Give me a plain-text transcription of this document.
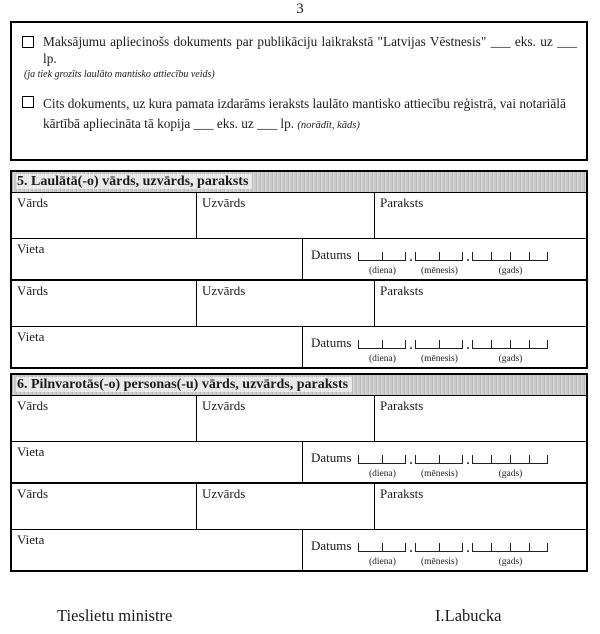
3
Maksājumu apliecinošs dokuments par publikāciju laikrakstā "Latvijas Vēstnesis" ___ eks. uz ___ lp.
(ja tiek grozīts laulāto mantisko attiecību veids)
Cits dokuments, uz kura pamata izdarāms ieraksts laulāto mantisko attiecību reģistrā, vai notariālā kārtībā apliecināta tā kopija ___ eks. uz ___ lp. (norādīt, kāds)
5. Laulātā(-o) vārds, uzvārds, paraksts
Vārds	Uzvārds	Paraksts
Vieta	Datums
(diena)
.
(mēnesis)
.
(gads)
Vārds	Uzvārds	Paraksts
Vieta	Datums
(diena)
.
(mēnesis)
.
(gads)
6. Pilnvarotās(-o) personas(-u) vārds, uzvārds, paraksts
Vārds	Uzvārds	Paraksts
Vieta	Datums
(diena)
.
(mēnesis)
.
(gads)
Vārds	Uzvārds	Paraksts
Vieta	Datums
(diena)
.
(mēnesis)
.
(gads)
Tieslietu ministre	I.Labucka
